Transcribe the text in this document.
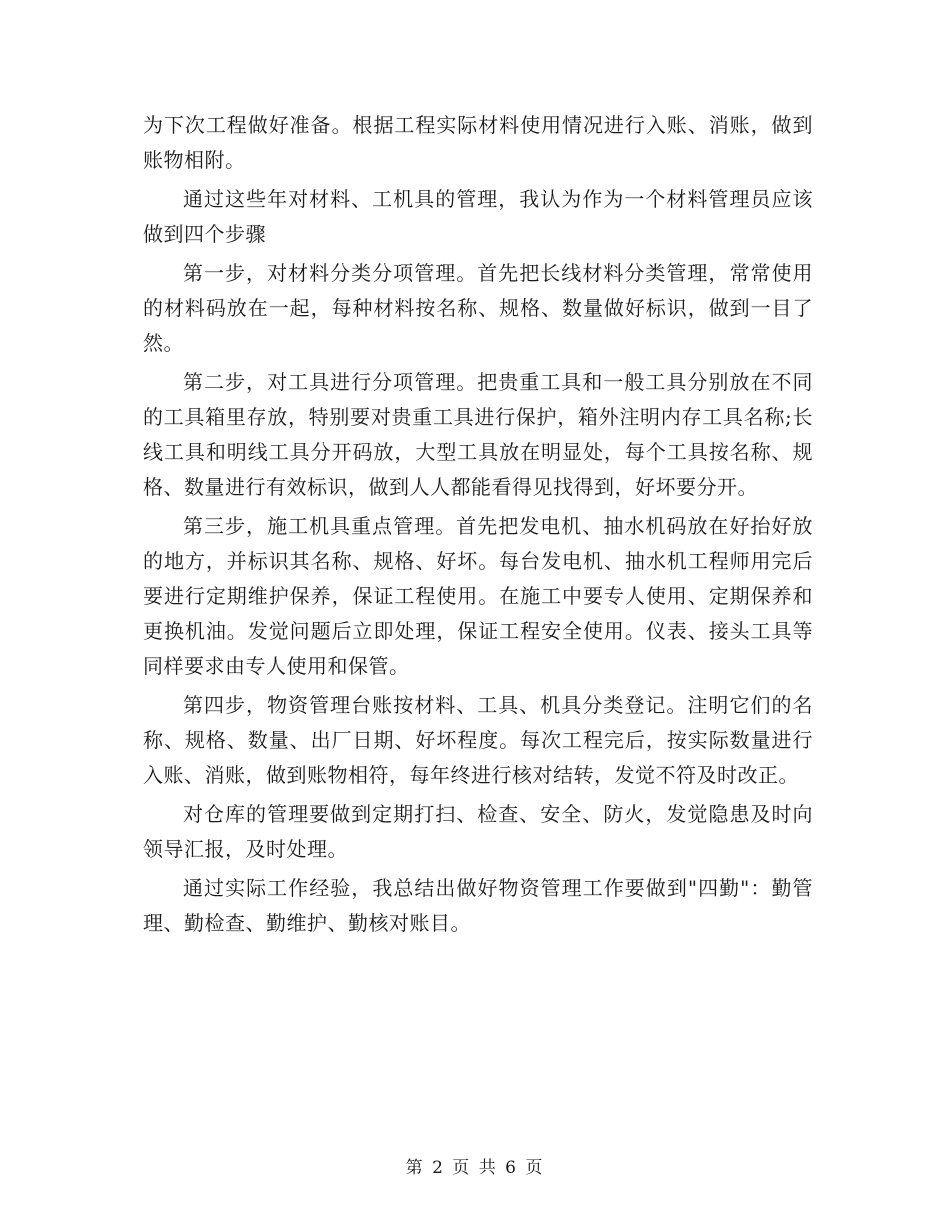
为下次工程做好准备。根据工程实际材料使用情况进行入账、消账，做到账物相附。

通过这些年对材料、工机具的管理，我认为作为一个材料管理员应该做到四个步骤

第一步，对材料分类分项管理。首先把长线材料分类管理，常常使用的材料码放在一起，每种材料按名称、规格、数量做好标识，做到一目了然。

第二步，对工具进行分项管理。把贵重工具和一般工具分别放在不同的工具箱里存放，特别要对贵重工具进行保护，箱外注明内存工具名称;长线工具和明线工具分开码放，大型工具放在明显处，每个工具按名称、规格、数量进行有效标识，做到人人都能看得见找得到，好坏要分开。

第三步，施工机具重点管理。首先把发电机、抽水机码放在好抬好放的地方，并标识其名称、规格、好坏。每台发电机、抽水机工程师用完后要进行定期维护保养，保证工程使用。在施工中要专人使用、定期保养和更换机油。发觉问题后立即处理，保证工程安全使用。仪表、接头工具等同样要求由专人使用和保管。

第四步，物资管理台账按材料、工具、机具分类登记。注明它们的名称、规格、数量、出厂日期、好坏程度。每次工程完后，按实际数量进行入账、消账，做到账物相符，每年终进行核对结转，发觉不符及时改正。

对仓库的管理要做到定期打扫、检查、安全、防火，发觉隐患及时向领导汇报，及时处理。

通过实际工作经验，我总结出做好物资管理工作要做到"四勤"：勤管理、勤检查、勤维护、勤核对账目。

第 2 页 共 6 页
